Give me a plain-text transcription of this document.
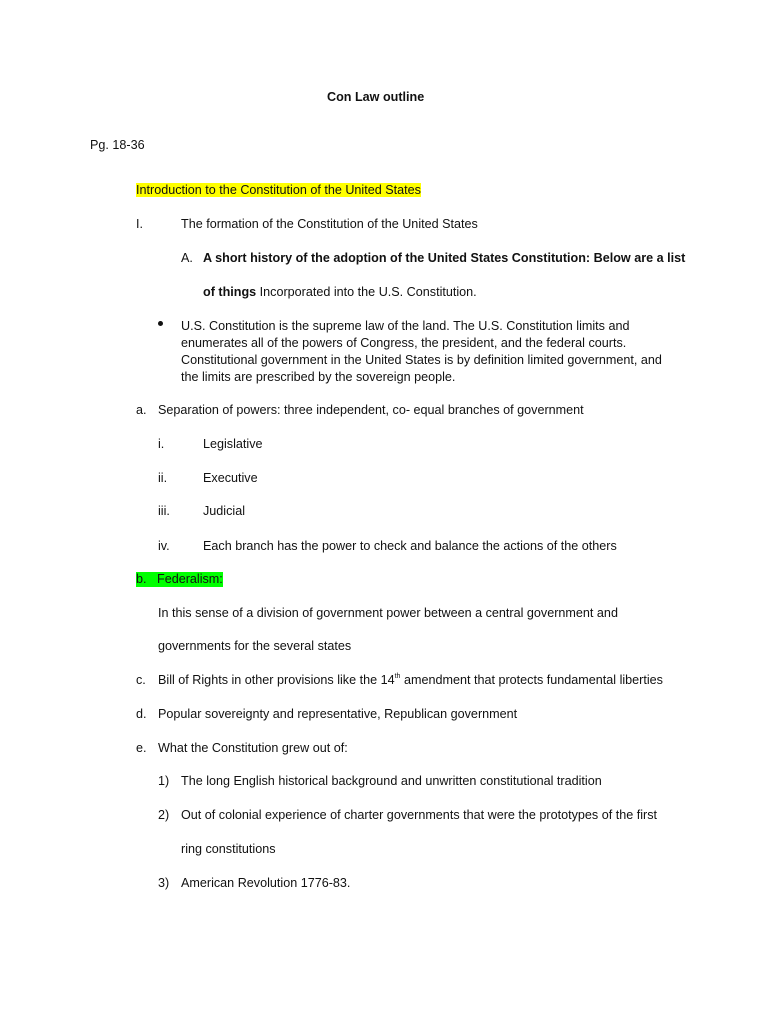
Con Law outline
Pg. 18-36
Introduction to the Constitution of the United States
I.	The formation of the Constitution of the United States
A. A short history of the adoption of the United States Constitution: Below are a list
of things Incorporated into the U.S. Constitution.
U.S. Constitution is the supreme law of the land. The U.S. Constitution limits and
enumerates all of the powers of Congress, the president, and the federal courts.
Constitutional government in the United States is by definition limited government, and
the limits are prescribed by the sovereign people.
a. Separation of powers: three independent, co- equal branches of government
i.	Legislative
ii.	Executive
iii.	Judicial
iv.	Each branch has the power to check and balance the actions of the others
b. Federalism:
In this sense of a division of government power between a central government and
governments for the several states
c. Bill of Rights in other provisions like the 14th amendment that protects fundamental liberties
d. Popular sovereignty and representative, Republican government
e. What the Constitution grew out of:
1) The long English historical background and unwritten constitutional tradition
2) Out of colonial experience of charter governments that were the prototypes of the first
ring constitutions
3) American Revolution 1776-83.
